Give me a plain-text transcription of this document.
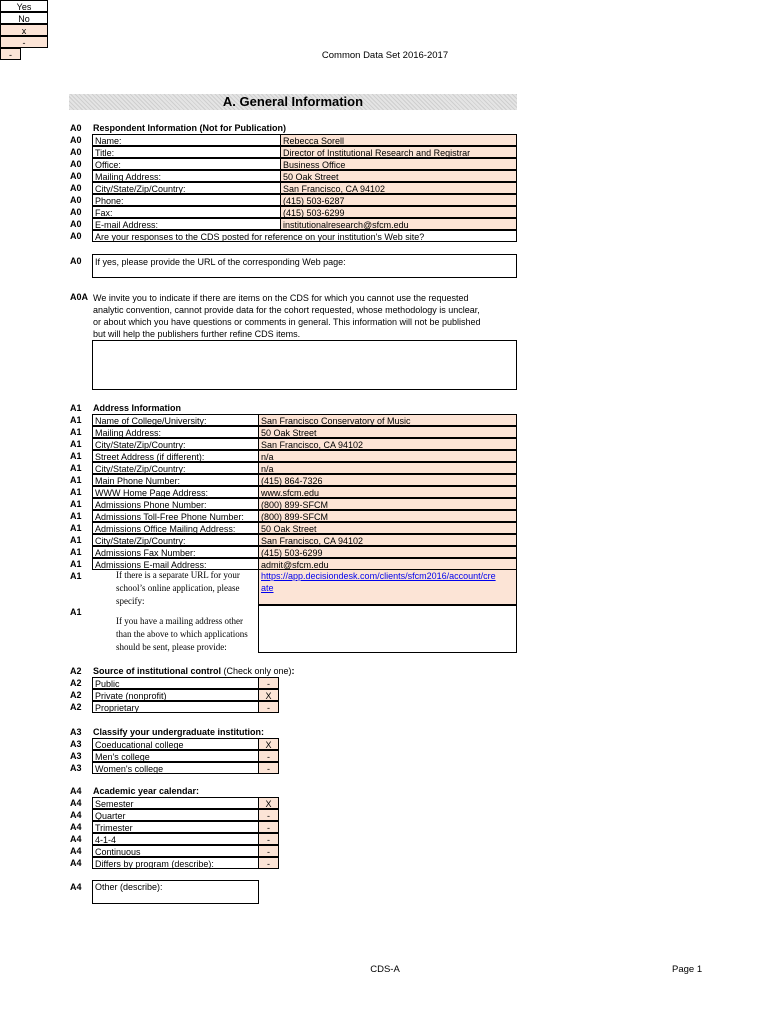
Common Data Set 2016-2017
A. General Information
A0 Respondent Information (Not for Publication)
A0	Name:	Rebecca Sorell
A0	Title:	Director of Institutional Research and Registrar
A0	Office:	Business Office
A0	Mailing Address:	50 Oak Street
A0	City/State/Zip/Country:	San Francisco, CA 94102
A0	Phone:	(415) 503-6287
A0	Fax:	(415) 503-6299
A0	E-mail Address:	institutionalresearch@sfcm.edu
A0	Are your responses to the CDS posted for reference on your institution's Web site?
Yes
No
x
-
A0 If yes, please provide the URL of the corresponding Web page:
A0A We invite you to indicate if there are items on the CDS for which you cannot use the requested
analytic convention, cannot provide data for the cohort requested, whose methodology is unclear,
or about which you have questions or comments in general. This information will not be published
but will help the publishers further refine CDS items.
A1 Address Information
A1	Name of College/University:	San Francisco Conservatory of Music
A1	Mailing Address:	50 Oak Street
A1	City/State/Zip/Country:	San Francisco, CA 94102
A1	Street Address (if different):	n/a
A1	City/State/Zip/Country:	n/a
A1	Main Phone Number:	(415) 864-7326
A1	WWW Home Page Address:	www.sfcm.edu
A1	Admissions Phone Number:	(800) 899-SFCM
A1	Admissions Toll-Free Phone Number:	(800) 899-SFCM
A1	Admissions Office Mailing Address:	50 Oak Street
A1	City/State/Zip/Country:	San Francisco, CA 94102
A1	Admissions Fax Number:	(415) 503-6299
A1	Admissions E-mail Address:	admit@sfcm.edu
A1	If there is a separate URL for your
school’s online application, please
specify:
https://app.decisiondesk.com/clients/sfcm2016/account/cre
ate
A1
If you have a mailing address other
than the above to which applications
should be sent, please provide:
A2 Source of institutional control (Check only one):
A2	Public	-
A2	Private (nonprofit)	X
A2	Proprietary	-
A3 Classify your undergraduate institution:
A3	Coeducational college	X
A3	Men's college	-
A3	Women's college	-
A4 Academic year calendar:
A4	Semester	X
A4	Quarter	-
A4	Trimester	-
A4	4-1-4	-
A4	Continuous	-
A4	Differs by program (describe):	-
A4 Other (describe):
-
CDS-A	Page 1
